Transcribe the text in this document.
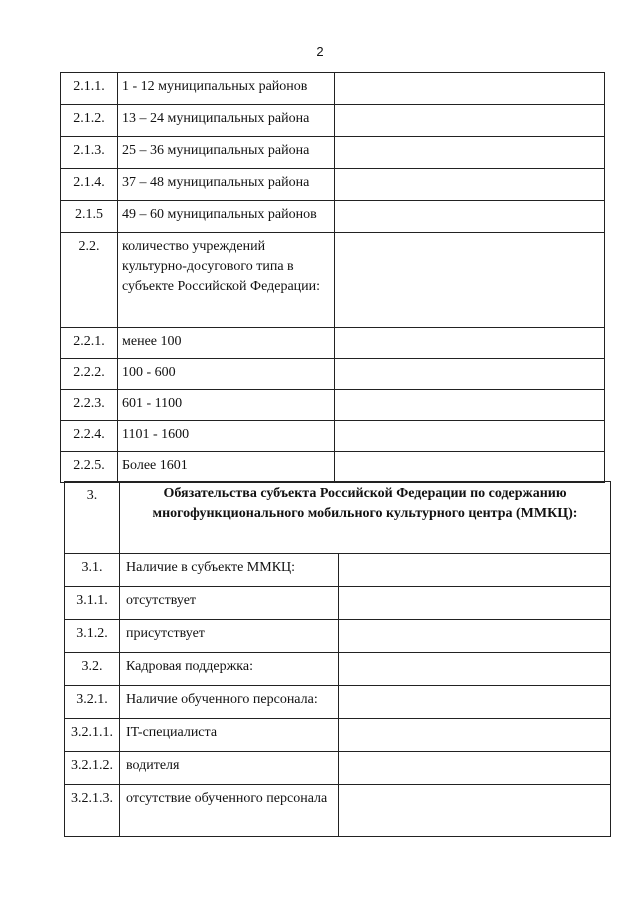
2
2.1.1.	1 - 12 муниципальных районов	
2.1.2.	13 – 24 муниципальных района	
2.1.3.	25 – 36 муниципальных района	
2.1.4.	37 – 48 муниципальных района	
2.1.5	49 – 60 муниципальных районов	
2.2.	количество учреждений культурно-досугового типа в субъекте Российской Федерации:	
2.2.1.	менее 100	
2.2.2.	100 - 600	
2.2.3.	601 - 1100	
2.2.4.	1101 - 1600	
2.2.5.	Более 1601	
3.	Обязательства субъекта Российской Федерации по содержанию многофункционального мобильного культурного центра (ММКЦ):	
3.1.	Наличие в субъекте ММКЦ:	
3.1.1.	отсутствует	
3.1.2.	присутствует	
3.2.	Кадровая поддержка:	
3.2.1.	Наличие обученного персонала:	
3.2.1.1.	IT-специалиста	
3.2.1.2.	водителя	
3.2.1.3.	отсутствие обученного персонала	
